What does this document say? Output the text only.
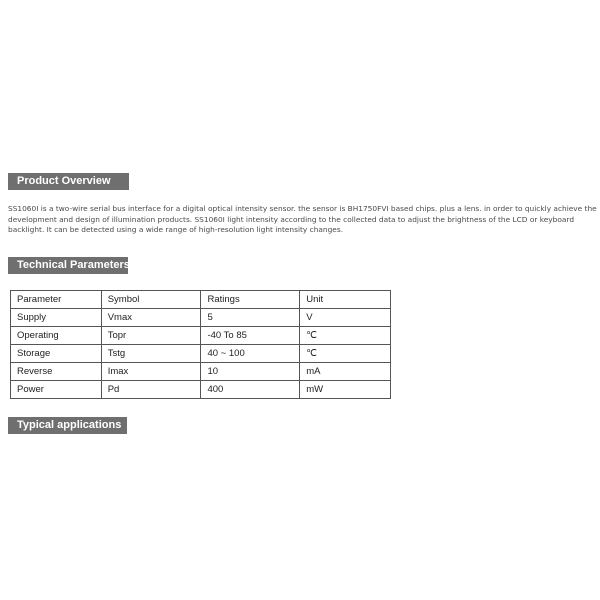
Product Overview
SS1060I is a two-wire serial bus interface for a digital optical intensity sensor. the sensor is BH1750FVI based chips. plus a lens. in order to quickly achieve the development and design of illumination products. SS1060I light intensity according to the collected data to adjust the brightness of the LCD or keyboard backlight. It can be detected using a wide range of high-resolution light intensity changes.
Technical Parameters
Parameter	Symbol	Ratings	Unit
Supply	Vmax	5	V
Operating	Topr	-40 To 85	℃
Storage	Tstg	40 ~ 100	℃
Reverse	Imax	10	mA
Power	Pd	400	mW
Typical applications
